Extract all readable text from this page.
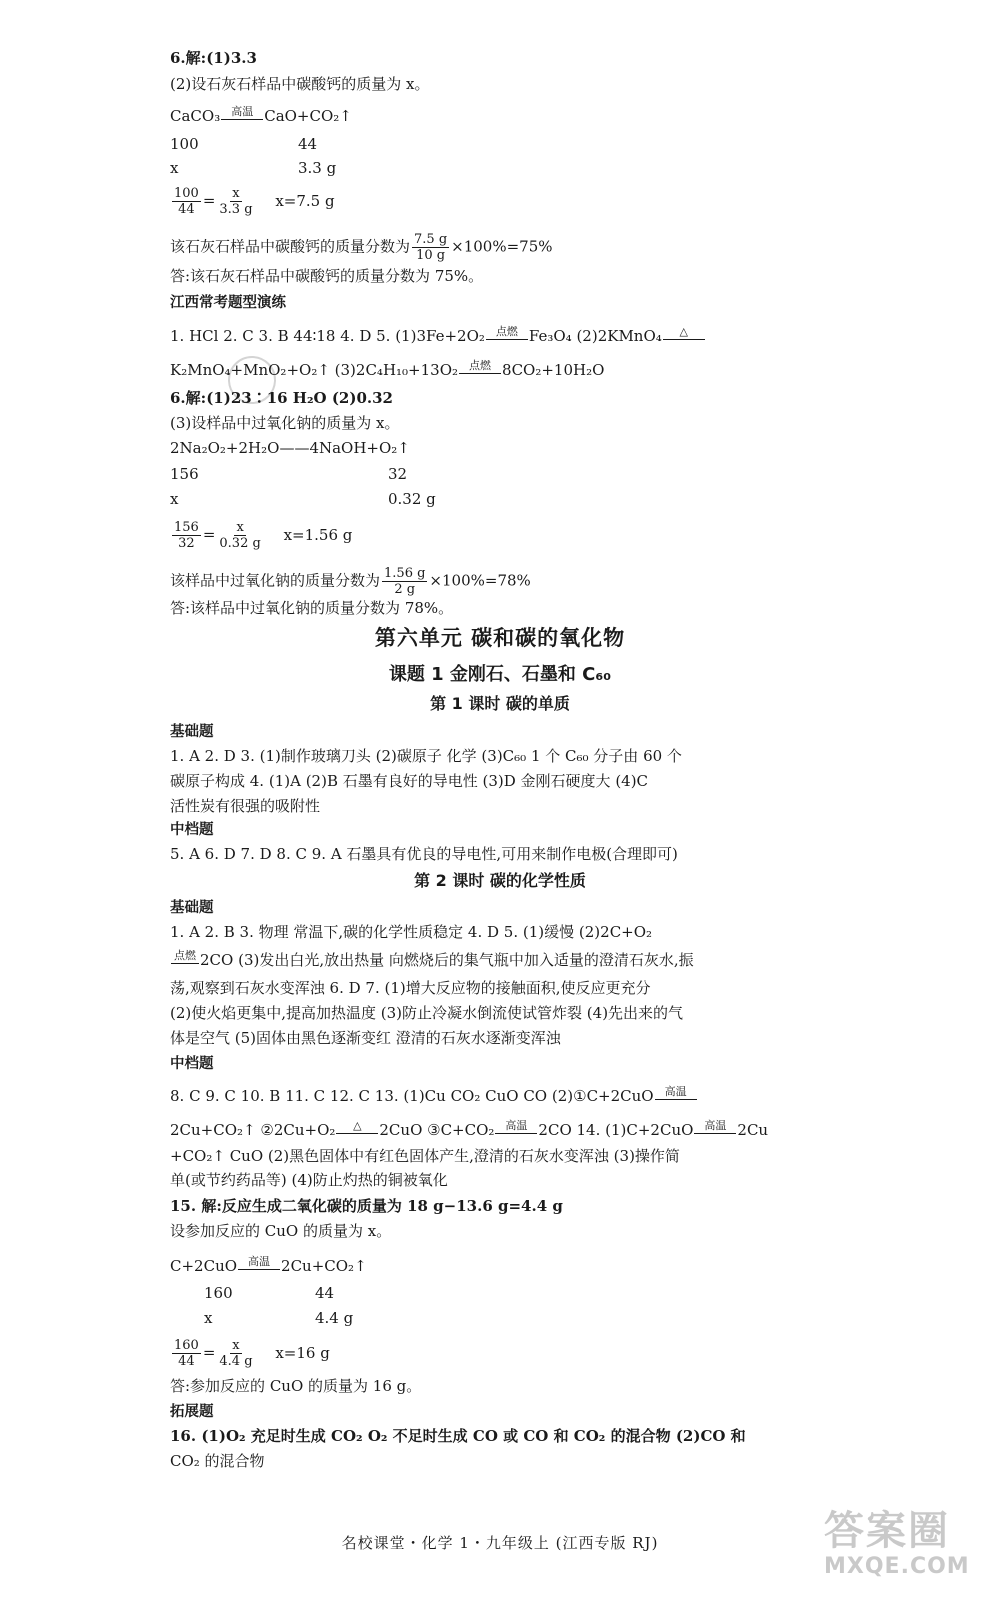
6.解:(1)3.3
(2)设石灰石样品中碳酸钙的质量为 x。
CaCO₃ 高温 CaO+CO₂↑
100	44
x	3.3 g
$\frac{100}{44} = \frac{x}{3.3 g} x=7.5$ g
该石灰石样品中碳酸钙的质量分数为 $\frac{7.5 g}{10 g} \times 100\%=75\%$
答:该石灰石样品中碳酸钙的质量分数为 75%。
江西常考题型演练
1. HCl 2. C 3. B 44∶18 4. D 5. (1)3Fe+2O₂ 点燃 Fe₃O₄ (2)2KMnO₄ △
K₂MnO₄+MnO₂+O₂↑ (3)2C₄H₁₀+13O₂ 点燃 8CO₂+10H₂O
6.解:(1)23∶16 H₂O (2)0.32
(3)设样品中过氧化钠的质量为 x。
2Na₂O₂+2H₂O——4NaOH+O₂↑
156	32
x	0.32 g
$\frac{156}{32} = \frac{x}{0.32 g} x=1.56$ g
该样品中过氧化钠的质量分数为 $\frac{1.56 g}{2 g} \times 100\%=78\%$
答:该样品中过氧化钠的质量分数为 78%。
第六单元 碳和碳的氧化物
课题 1 金刚石、石墨和 C₆₀
第 1 课时 碳的单质
基础题
1. A 2. D 3. (1)制作玻璃刀头 (2)碳原子 化学 (3)C₆₀ 1 个 C₆₀ 分子由 60 个
碳原子构成 4. (1)A (2)B 石墨有良好的导电性 (3)D 金刚石硬度大 (4)C
活性炭有很强的吸附性
中档题
5. A 6. D 7. D 8. C 9. A 石墨具有优良的导电性,可用来制作电极(合理即可)
第 2 课时 碳的化学性质
基础题
1. A 2. B 3. 物理 常温下,碳的化学性质稳定 4. D 5. (1)缓慢 (2)2C+O₂
点燃 2CO (3)发出白光,放出热量 向燃烧后的集气瓶中加入适量的澄清石灰水,振
荡,观察到石灰水变浑浊 6. D 7. (1)增大反应物的接触面积,使反应更充分
(2)使火焰更集中,提高加热温度 (3)防止冷凝水倒流使试管炸裂 (4)先出来的气
体是空气 (5)固体由黑色逐渐变红 澄清的石灰水逐渐变浑浊
中档题
8. C 9. C 10. B 11. C 12. C 13. (1)Cu CO₂ CuO CO (2)①C+2CuO 高温
2Cu+CO₂↑ ②2Cu+O₂ △ 2CuO ③C+CO₂ 高温 2CO 14. (1)C+2CuO 高温 2Cu
+CO₂↑ CuO (2)黑色固体中有红色固体产生,澄清的石灰水变浑浊 (3)操作简
单(或节约药品等) (4)防止灼热的铜被氧化
15. 解:反应生成二氧化碳的质量为 18 g−13.6 g=4.4 g
设参加反应的 CuO 的质量为 x。
C+2CuO 高温 2Cu+CO₂↑
160	44
x	4.4 g
$\frac{160}{44} = \frac{x}{4.4 g} x=16$ g
答:参加反应的 CuO 的质量为 16 g。
拓展题
16. (1)O₂ 充足时生成 CO₂ O₂ 不足时生成 CO 或 CO 和 CO₂ 的混合物 (2)CO 和
CO₂ 的混合物
名校课堂・化学 1・九年级上 (江西专版 RJ)	答案圈
MXQE.COM
